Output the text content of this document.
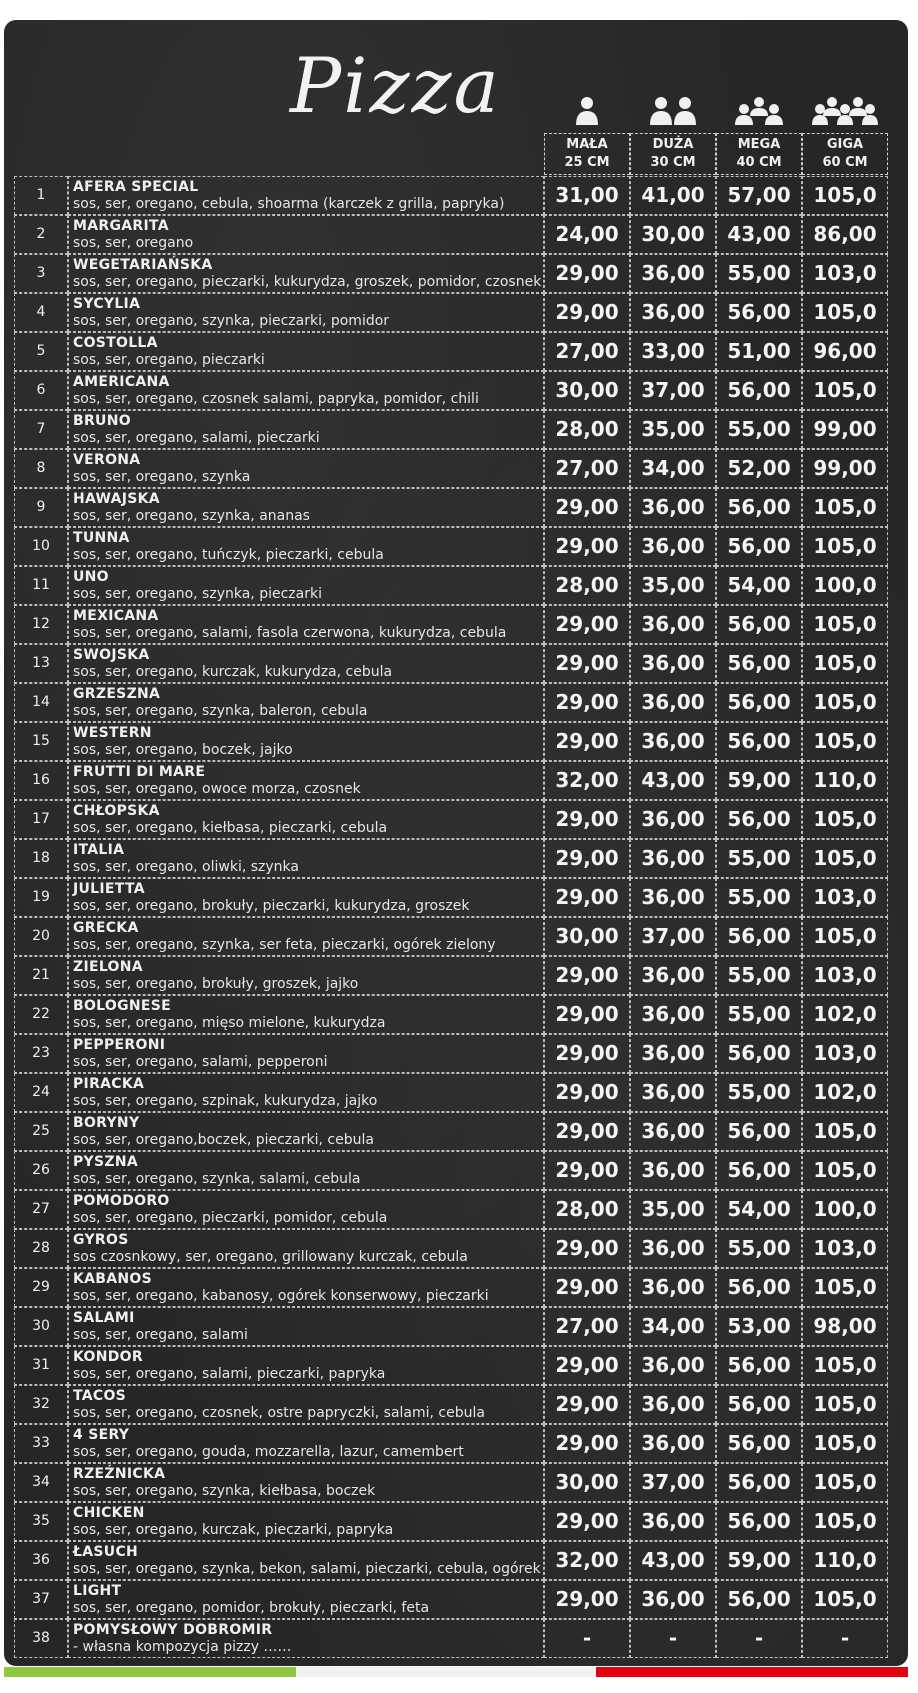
Pizza
MAŁA
25 CM
DUŻA
30 CM
MEGA
40 CM
GIGA
60 CM
1	AFERA SPECIAL
sos, ser, oregano, cebula, shoarma (karczek z grilla, papryka)	31,00	41,00	57,00	105,0
2	MARGARITA
sos, ser, oregano	24,00	30,00	43,00	86,00
3	WEGETARIAŃSKA
sos, ser, oregano, pieczarki, kukurydza, groszek, pomidor, czosnek 29,00	36,00	55,00	103,0
4	SYCYLIA
sos, ser, oregano, szynka, pieczarki, pomidor	29,00	36,00	56,00	105,0
5	COSTOLLA
sos, ser, oregano, pieczarki	27,00	33,00	51,00	96,00
6	AMERICANA
sos, ser, oregano, czosnek salami, papryka, pomidor, chili	30,00	37,00	56,00	105,0
7	BRUNO
sos, ser, oregano, salami, pieczarki	28,00	35,00	55,00	99,00
8	VERONA
sos, ser, oregano, szynka	27,00	34,00	52,00	99,00
9	HAWAJSKA
sos, ser, oregano, szynka, ananas	29,00	36,00	56,00	105,0
10	TUNNA
sos, ser, oregano, tuńczyk, pieczarki, cebula	29,00	36,00	56,00	105,0
11	UNO
sos, ser, oregano, szynka, pieczarki	28,00	35,00	54,00	100,0
12	MEXICANA
sos, ser, oregano, salami, fasola czerwona, kukurydza, cebula	29,00	36,00	56,00	105,0
13	SWOJSKA
sos, ser, oregano, kurczak, kukurydza, cebula	29,00	36,00	56,00	105,0
14	GRZESZNA
sos, ser, oregano, szynka, baleron, cebula	29,00	36,00	56,00	105,0
15	WESTERN
sos, ser, oregano, boczek, jajko	29,00	36,00	56,00	105,0
16	FRUTTI DI MARE
sos, ser, oregano, owoce morza, czosnek	32,00	43,00	59,00	110,0
17	CHŁOPSKA
sos, ser, oregano, kiełbasa, pieczarki, cebula	29,00	36,00	56,00	105,0
18	ITALIA
sos, ser, oregano, oliwki, szynka	29,00	36,00	55,00	105,0
19	JULIETTA
sos, ser, oregano, brokuły, pieczarki, kukurydza, groszek	29,00	36,00	55,00	103,0
20	GRECKA
sos, ser, oregano, szynka, ser feta, pieczarki, ogórek zielony	30,00	37,00	56,00	105,0
21	ZIELONA
sos, ser, oregano, brokuły, groszek, jajko	29,00	36,00	55,00	103,0
22	BOLOGNESE
sos, ser, oregano, mięso mielone, kukurydza	29,00	36,00	55,00	102,0
23	PEPPERONI
sos, ser, oregano, salami, pepperoni	29,00	36,00	56,00	103,0
24	PIRACKA
sos, ser, oregano, szpinak, kukurydza, jajko	29,00	36,00	55,00	102,0
25	BORYNY
sos, ser, oregano,boczek, pieczarki, cebula	29,00	36,00	56,00	105,0
26	PYSZNA
sos, ser, oregano, szynka, salami, cebula	29,00	36,00	56,00	105,0
27	POMODORO
sos, ser, oregano, pieczarki, pomidor, cebula	28,00	35,00	54,00	100,0
28	GYROS
sos czosnkowy, ser, oregano, grillowany kurczak, cebula	29,00	36,00	55,00	103,0
29	KABANOS
sos, ser, oregano, kabanosy, ogórek konserwowy, pieczarki	29,00	36,00	56,00	105,0
30	SALAMI
sos, ser, oregano, salami	27,00	34,00	53,00	98,00
31	KONDOR
sos, ser, oregano, salami, pieczarki, papryka	29,00	36,00	56,00	105,0
32	TACOS
sos, ser, oregano, czosnek, ostre papryczki, salami, cebula	29,00	36,00	56,00	105,0
33	4 SERY
sos, ser, oregano, gouda, mozzarella, lazur, camembert	29,00	36,00	56,00	105,0
34	RZEŹNICKA
sos, ser, oregano, szynka, kiełbasa, boczek	30,00	37,00	56,00	105,0
35	CHICKEN
sos, ser, oregano, kurczak, pieczarki, papryka	29,00	36,00	56,00	105,0
36	ŁASUCH
sos, ser, oregano, szynka, bekon, salami, pieczarki, cebula, ogórek 32,00	43,00	59,00	110,0
37	LIGHT
sos, ser, oregano, pomidor, brokuły, pieczarki, feta	29,00	36,00	56,00	105,0
38	POMYSŁOWY DOBROMIR
- własna kompozycja pizzy ……	-	-	-	-
